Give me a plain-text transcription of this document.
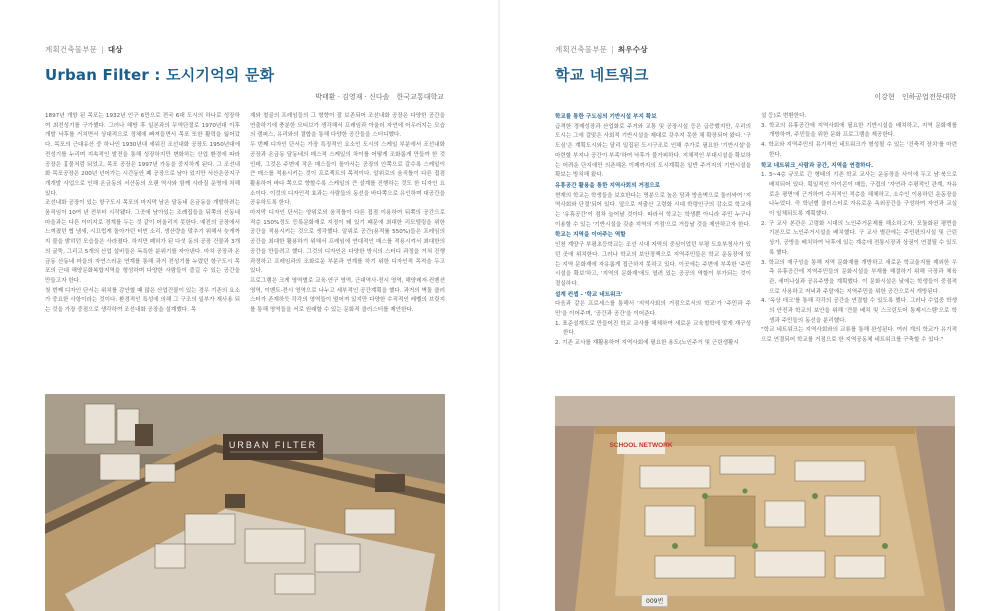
계획건축물부문 | 대상
Urban Filter : 도시기억의 문화
박태환 · 김영재 · 신다솔 한국교통대학교

1897년 개항 된 목포는 1932년 인구 6만으로 전국 6대 도시의 하나로 성장하여 최전성기를 구가했다. 그러나 해방 후 일본과의 무역단절로 1970년대 이후 개발 낙후를 거치면서 상대적으로 정체에 빠져들면서 목포 또한 활력을 잃어갔다. 목포의 근대유산 중 하나인 1930년대 세워진 조선내화 공장도 1950년대에 전성기를 누리며 지속적인 발전을 통해 성장하지만 변화하는 산업 환경에 따라 공장은 흉물처럼 되었고, 목포 공장은 1997년 가동을 중지하게 된다. 그 조선내화 목포공장은 200년 넌어가는 시간동안 폐 공장으로 남아 있지만 서산은공지구 개개발 사업으로 인해 온금동의 서산동의 오랜 역사와 함께 사라질 운명에 처해있다.

조선내화 공장이 있는 항구도시 목포의 마지막 남은 달동네 온금동을 개발하려는 움직임이 10여 년 전부터 시작됐다. 그곳에 남아있는 조례집들을 뒤쪽의 산동네 마을과는 다른 이미지로 경계를 두는 것 같이 어울리지 못한다. 예전의 공장에서 느껴졌던 협 냄새, 시끄럽게 돌아가던 터빈 소리, 생산량을 맞추기 위해서 늦게까지 불을 밝히던 모습들은 사라졌다. 하지만 폐허가 된 다섯 동의 공장 건물과 3개의 굴뚝, 그리고 5개의 산업 설비들은 독특한 분위기를 자아낸다. 마치 공장과 온금동 산동네 마을의 자연스러운 연계를 통해 과거 전성기를 누렸던 항구도시 목포의 근대 해양문화복합지역을 형성하며 다양한 사람들이 즐길 수 있는 공간을 만들고자 한다.

첫 번째 디자인 단서는 위치를 감안할 때 많은 산업건물이 있는 경우 기존의 요소가 중요한 사항이라는 것이다. 환경적인 특성에 의해 그 구조의 일부가 재사용 되는 것을 가장 중점으로 생각하여 조선내화 공장을 설계했다. 목

재와 철골의 프레임들의 그 형향이 잘 보존되어 조선내화 공장은 다양한 공간을 연출하기에 충분한 모티브가 생각해서 프레임과 아울러 자연에 어우러지는 모습의 캠퍼스, 유리와의 결합을 통해 다양한 공간들을 스터디했다.

두 번째 디자인 단서는 가장 특징적인 요소인 도시의 스케일 부분에서 조선내화 공장과 온금동 달동네의 매스적 스케일의 차이를 어떻게 조화롭게 만들까 한 것인데, 그것은 주변에 작은 매스들이 돌아서는 공장의 안쪽으로 갈수록 스케일이 큰 매스를 적용시키는 것이 프로젝트의 목적이다. 알위로의 움직틀이 다른 접점 활용하여 바다 쪽으로 향할수록 스케일의 큰 설계를 진행하는 것도 한 디자인 요소이다. 이것의 디자인적 효과는 사람들의 동선을 바다쪽으로 유인하며 대공간을 공유하도록 한다.

마지막 디자인 단서는 양위로의 움직틀이 다른 접점 이용하여 뒤쪽의 공간으로 적층 150%정도 등록문화재로 지정이 돼 있기 때문에 최대한 리모델링을 위한 공간을 적용시키는 것으로 생각했다. 알위로 공간(용적률 550%)들은 프레임의 공간을 최대한 활용하기 위해서 프레임에 연대적인 매스를 적용시켜서 최대한의 공간을 만들려고 했다. 그것의 디자인은 다양한 방식의 스터디 과정을 거쳐 진행과정하고 프레임과의 조화로운 부분과 연계를 하기 위한 디자인적 목적을 두고 있다.

프로그램은 크게 영역별로 교육·연구 영역, 근대역사·전시 영역, 해양레저·컨벤션 영역, 이벤트·전시 영역으로 나누고 세부적인 공간계획을 했다. 과거의 벽돌 클러스터가 존재하듯 각각의 영역들이 떨어져 있지만 다양한 수직적인 레벨의 브릿지를 통해 영역들을 서로 원래할 수 있는 문화적 클러스터를 제안한다.

URBAN FILTER
계획건축물부문 | 최우수상
학교 네트워크
이강현 인하공업전문대학

학교를 통한 구도심의 기반시설 부지 확보

급격한 경제성장과 산업화로 주거와 교통 및 공장시설 등은 급증했지만, 우리의 도시는 그에 걸맞은 사회적 기반시설을 제대로 갖추지 못한 채 확장되어 왔다. '구도심'은 계획도시와는 달리 밀집된 도시구조로 인해 추가로 필요한 '기반시설'을 마련할 부지나 공간이 부족'하여 낙후가 불가피하다. 지체적인 부대시설을 확보하는 어려운 단지에만 의존해온 이제까지의 도시계획은 일반 주거지의 기반시설을 확보는 방치해 왔다.

유휴공간 활용을 통한 지역사회의 거점으로

현재의 학교는 학생들을 보호한다는 명분으로 높은 담과 방음벽으로 둘러싸여 '지역사회와 단절'되어 있다. 앞으로 저출산 고령화 시대 학령인구의 감소로 학교에는 '유휴공간'이 점차 늘어날 것이다. 따라서 학교는 학생뿐 아니라 주민 누구나 이용할 수 있는 '기반시설을 갖춘 지역의 거점'으로 거듭날 것을 제안하고자 한다.

학교는 지역을 이어주는 역할

인천 계양구 부평초등학교는 조선 시대 지역의 중심이었던 부평 도호부청사가 있던 곳에 위치한다. 그러나 학교의 보안정책으로 지역주민들은 학교 운동장에 있는 지역 문화재에 자유롭게 접근하지 못하고 있다. 이곳에는 주변에 부족한 '주민시설을 확보'하고, '지역의 문화재'에도 열려 있는 공공의 역할이 부가되는 것이 절실하다.

설계 컨셉 - '학교 네트워크'

다음과 같은 프로세스를 통해서 '지역사회의 거점으로서의 학교'가 '주민과 주민'을 이어주며, '공간과 공간'을 이어준다.

1. 표준설계도로 만들어진 학교 교사를 해체하여 새로운 교육철학에 맞게 재구성한다.

2. 기존 교사를 재활용하여 지역사회에 필요한 용도(노인주거 및 근린생활시

설 등)로 변환한다.

3. 학교의 유휴공간에 지역사회에 필요한 기반시설을 배치하고, 지역 문화재를 개방하여, 주민들을 위한 문화 프로그램을 제공한다.

4. 학교와 지역주민의 유기적인 네트워크가 형성될 수 있는 '건축적 장치'를 마련한다.

학교 네트워크_사람과 공간, 지역을 연결하다.

1. 3~4층 규모로 긴 형태의 기존 학교 교사는 운동장을 사이에 두고 남·북으로 배치되어 있다. 획일적인 아이콘이 매듭, 구겹의 '자연과 수평적인 관계, 자유로운 평면'에 근거하여 수직적인 적층을 해체하고, 소수인 이용하던 운동장을 나누었다. 즉 학년별 클러스터로 자유로운 옥외공간을 구성하여 자연과 교실이 일체되도록 계획했다.

2. 구 교사 본관은 고령화 시대의 노인주거문제를 해소하고자, 모듈화된 평면을 기본으로 노인주거시설을 배치했다. 구 교사 별관에는 주민편의시설 및 근린상가, 공방을 배치하여 낙후에 있는 계층에 전통시장과 상권이 연결될 수 있도록 했다.

3. 학교의 재구성을 통해 지역 문화재를 개방하고 새로운 학교울지를 제외한 우측 유휴공간에 지역주민들의 문화시설을 부재를 해결하기 위해 극장과 체육관, 세미나실과 공유주방을 계획했다. 이 문화시설은 낮에는 학생들이 중점적으로 사용하고 저녁과 주말에는 지역주민을 위한 공간으로서 개방된다.

4. '옥상 데크'를 통해 각각의 공간을 연결할 수 있도록 했다. 그러나 수업중 학생의 안전과 학교의 보안을 위해 '견물 배치 및 스크린도어 통제시스템'으로 학생과 주민들의 동선을 분리했다.

"학교 네트워크는 지역사회와의 교류를 통해 완성된다. 여러 개의 학교가 유기적으로 연결되어 학교를 거점으로 한 지역공동체 네트워크를 구축할 수 있다."

SCHOOL NETWORK
009번
